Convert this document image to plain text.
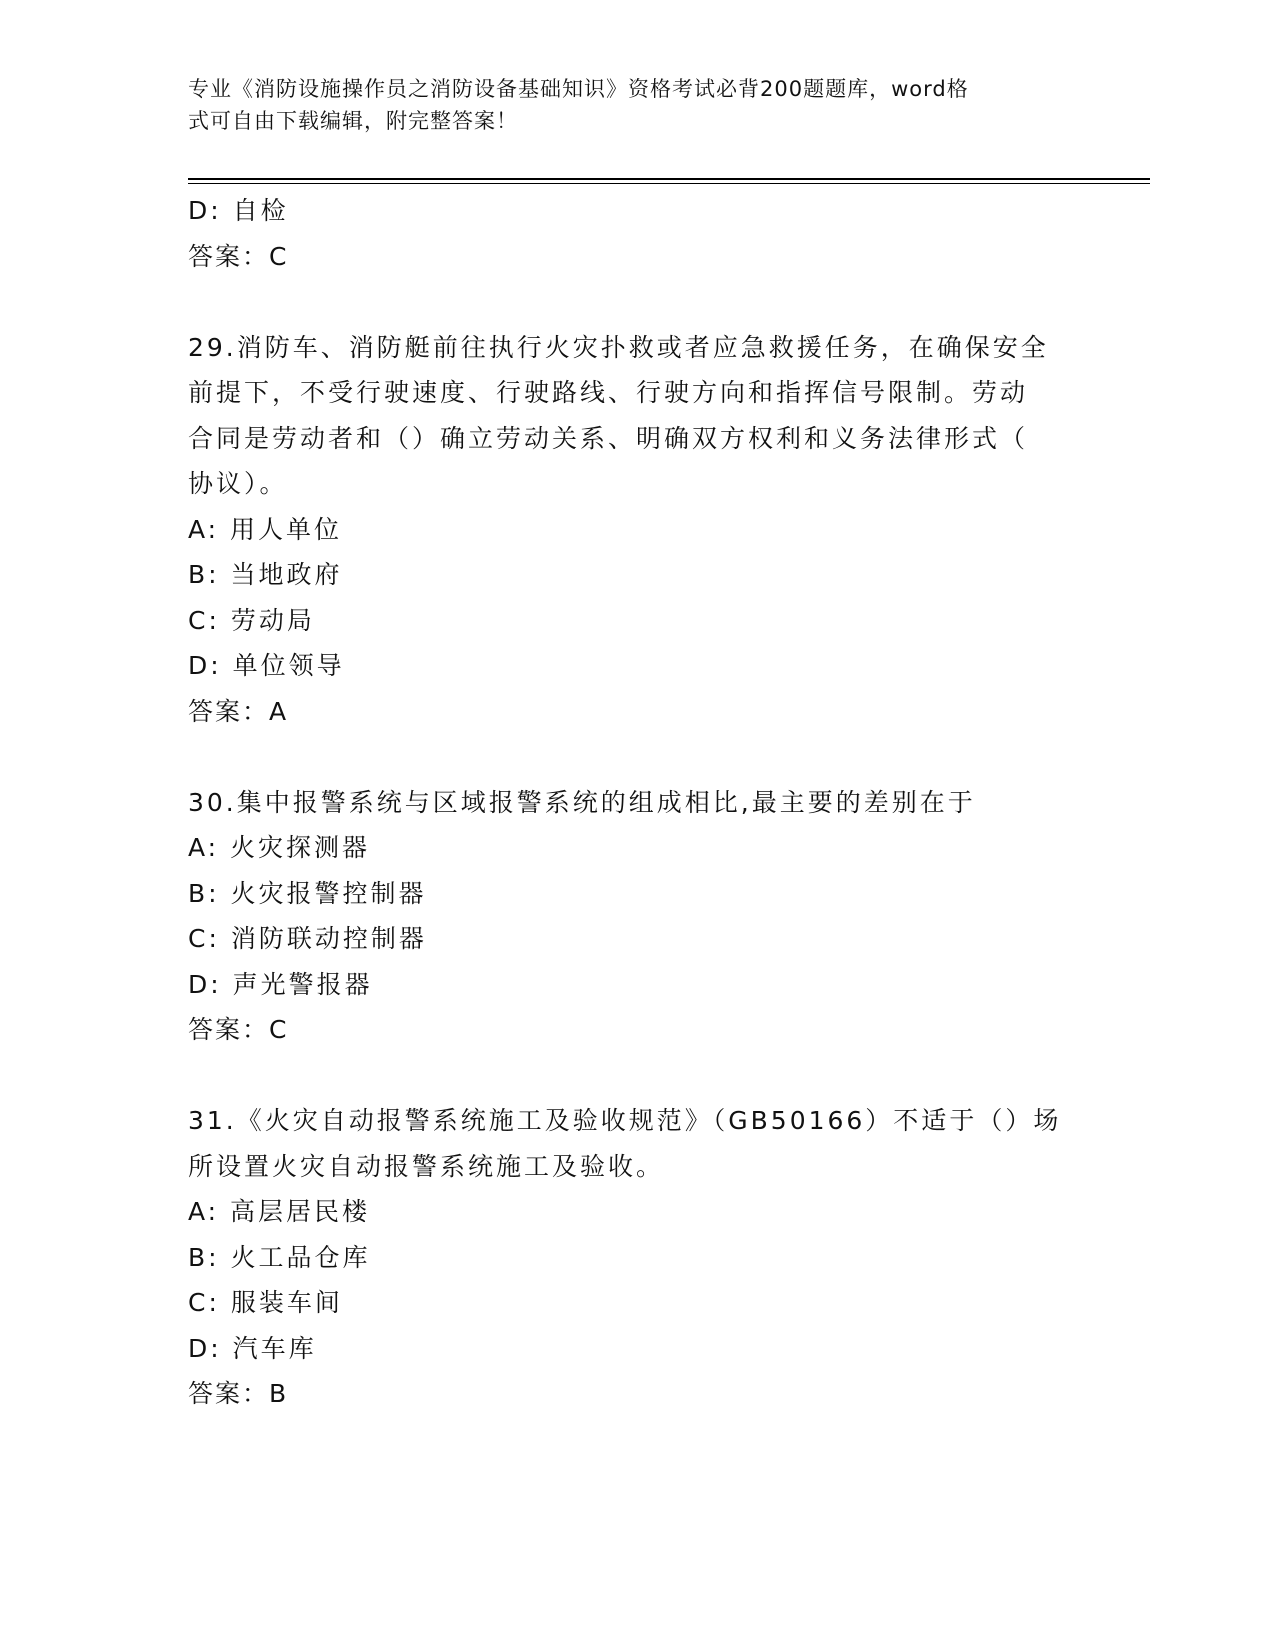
专业《消防设施操作员之消防设备基础知识》资格考试必背200题题库，word格
式可自由下载编辑，附完整答案！
D: 自检
答案：C
29.消防车、消防艇前往执行火灾扑救或者应急救援任务，在确保安全
前提下，不受行驶速度、行驶路线、行驶方向和指挥信号限制。劳动
合同是劳动者和（）确立劳动关系、明确双方权利和义务法律形式（
协议）。
A: 用人单位
B: 当地政府
C: 劳动局
D: 单位领导
答案：A
30.集中报警系统与区域报警系统的组成相比,最主要的差别在于
A: 火灾探测器
B: 火灾报警控制器
C: 消防联动控制器
D: 声光警报器
答案：C
31.《火灾自动报警系统施工及验收规范》（GB50166）不适于（）场
所设置火灾自动报警系统施工及验收。
A: 高层居民楼
B: 火工品仓库
C: 服装车间
D: 汽车库
答案：B
